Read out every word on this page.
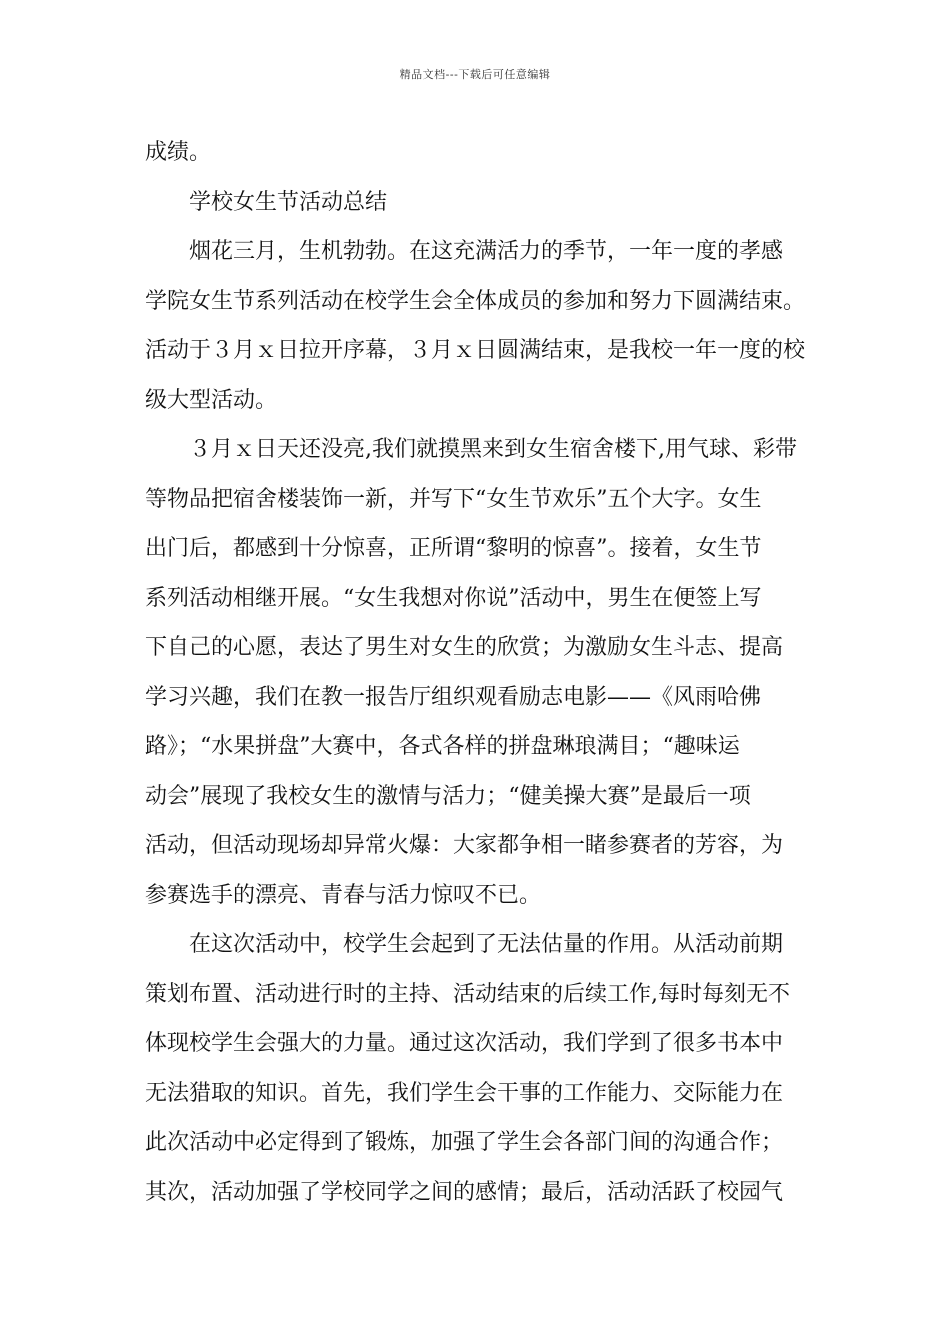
精品文档---下载后可任意编辑
成绩。
学校女生节活动总结
烟花三月，生机勃勃。在这充满活力的季节，一年一度的孝感
学院女生节系列活动在校学生会全体成员的参加和努力下圆满结束。
活动于３月ｘ日拉开序幕，３月ｘ日圆满结束，是我校一年一度的校
级大型活动。
３月ｘ日天还没亮,我们就摸黑来到女生宿舍楼下,用气球、彩带
等物品把宿舍楼装饰一新，并写下“女生节欢乐”五个大字。女生
出门后，都感到十分惊喜，正所谓“黎明的惊喜”。接着，女生节
系列活动相继开展。“女生我想对你说”活动中，男生在便签上写
下自己的心愿，表达了男生对女生的欣赏；为激励女生斗志、提高
学习兴趣，我们在教一报告厅组织观看励志电影——《风雨哈佛
路》；“水果拼盘”大赛中，各式各样的拼盘琳琅满目；“趣味运
动会”展现了我校女生的激情与活力；“健美操大赛”是最后一项
活动，但活动现场却异常火爆：大家都争相一睹参赛者的芳容，为
参赛选手的漂亮、青春与活力惊叹不已。
在这次活动中，校学生会起到了无法估量的作用。从活动前期
策划布置、活动进行时的主持、活动结束的后续工作,每时每刻无不
体现校学生会强大的力量。通过这次活动，我们学到了很多书本中
无法猎取的知识。首先，我们学生会干事的工作能力、交际能力在
此次活动中必定得到了锻炼，加强了学生会各部门间的沟通合作；
其次，活动加强了学校同学之间的感情；最后，活动活跃了校园气
